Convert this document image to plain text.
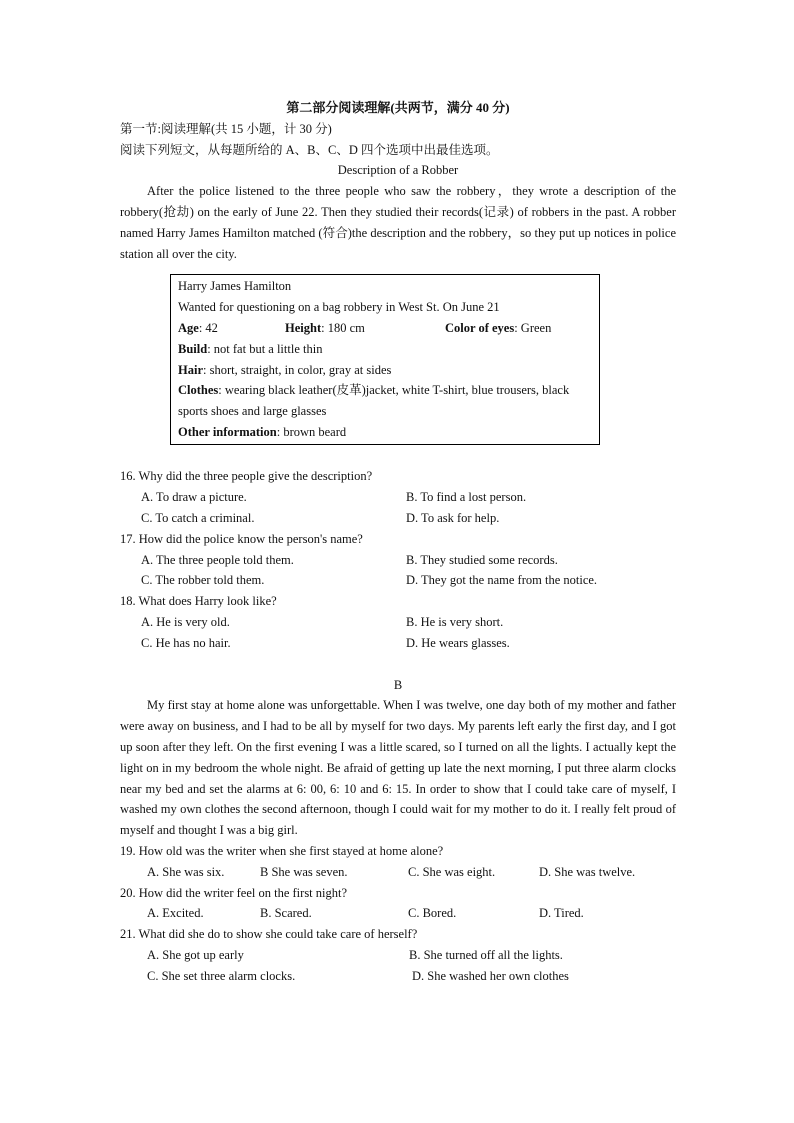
第二部分阅读理解(共两节，满分 40 分)

第一节:阅读理解(共 15 小题，计 30 分)

阅读下列短文，从每题所给的 A、B、C、D 四个选项中出最佳选项。

Description of a Robber

After the police listened to the three people who saw the robbery，they wrote a description of the robbery(抢劫) on the early of June 22. Then they studied their records(记录) of robbers in the past. A robber named Harry James Hamilton matched (符合)the description and the robbery，so they put up notices in police station all over the city.

Harry James Hamilton
Wanted for questioning on a bag robbery in West St. On June 21
Age: 42	Height: 180 cm	Color of eyes: Green
Build: not fat but a little thin
Hair: short, straight, in color, gray at sides
Clothes: wearing black leather(皮革)jacket, white T-shirt, blue trousers, black sports shoes and large glasses
Other information: brown beard

16. Why did the three people give the description?

A. To draw a picture.	B. To find a lost person.
C. To catch a criminal.	D. To ask for help.

17. How did the police know the person's name?

A. The three people told them.	B. They studied some records.
C. The robber told them.	D. They got the name from the notice.

18. What does Harry look like?

A. He is very old.	B. He is very short.
C. He has no hair.	D. He wears glasses.

B

My first stay at home alone was unforgettable. When I was twelve, one day both of my mother and father were away on business, and I had to be all by myself for two days. My parents left early the first day, and I got up soon after they left. On the first evening I was a little scared, so I turned on all the lights. I actually kept the light on in my bedroom the whole night. Be afraid of getting up late the next morning, I put three alarm clocks near my bed and set the alarms at 6: 00, 6: 10 and 6: 15. In order to show that I could take care of myself, I washed my own clothes the second afternoon, though I could wait for my mother to do it. I really felt proud of myself and thought I was a big girl.

19. How old was the writer when she first stayed at home alone?

A. She was six.	B She was seven.	C. She was eight.	D. She was twelve.

20. How did the writer feel on the first night?

A. Excited.	B. Scared.	C. Bored.	D. Tired.

21. What did she do to show she could take care of herself?

A. She got up early	B. She turned off all the lights.
C. She set three alarm clocks.	D. She washed her own clothes
